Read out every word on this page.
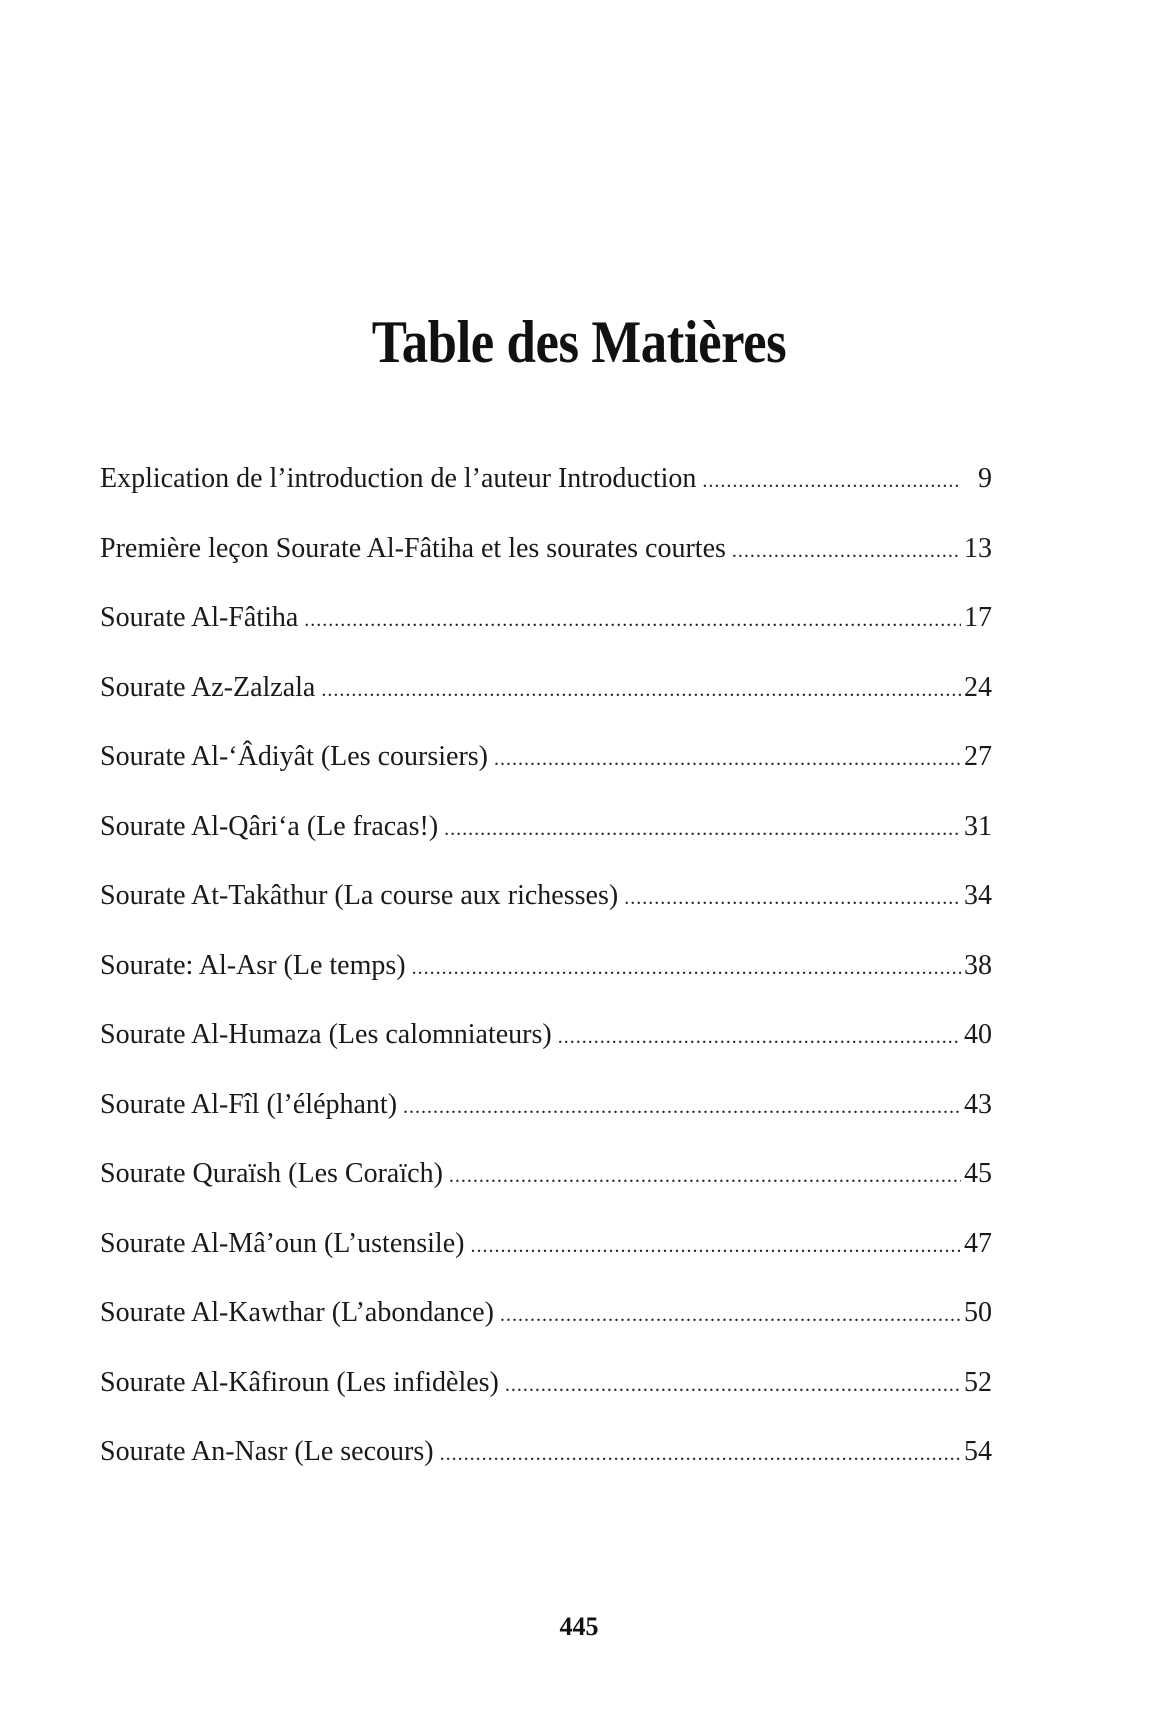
Table des Matières
Explication de l’introduction de l’auteur Introduction .....	9
Première leçon Sourate Al-Fâtiha et les sourates courtes .....	13
Sourate Al-Fâtiha .....	17
Sourate Az-Zalzala .....	24
Sourate Al-‘Âdiyât (Les coursiers) .....	27
Sourate Al-Qâri‘a (Le fracas!) .....	31
Sourate At-Takâthur (La course aux richesses) .....	34
Sourate: Al-Asr (Le temps) .....	38
Sourate Al-Humaza (Les calomniateurs) .....	40
Sourate Al-Fîl (l’éléphant) .....	43
Sourate Quraïsh (Les Coraïch) .....	45
Sourate Al-Mâ’oun (L’ustensile) .....	47
Sourate Al-Kawthar (L’abondance) .....	50
Sourate Al-Kâfiroun (Les infidèles) .....	52
Sourate An-Nasr (Le secours) .....	54
445
